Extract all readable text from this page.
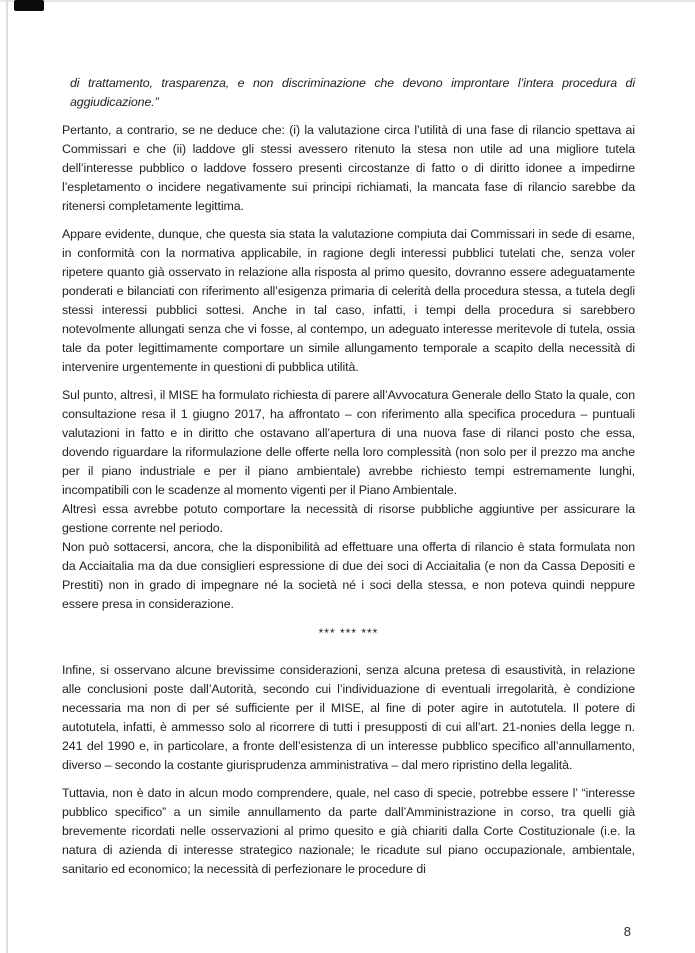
di trattamento, trasparenza, e non discriminazione che devono improntare l’intera procedura di aggiudicazione.”

Pertanto, a contrario, se ne deduce che: (i) la valutazione circa l’utilità di una fase di rilancio spettava ai Commissari e che (ii) laddove gli stessi avessero ritenuto la stesa non utile ad una migliore tutela dell’interesse pubblico o laddove fossero presenti circostanze di fatto o di diritto idonee a impedirne l’espletamento o incidere negativamente sui principi richiamati, la mancata fase di rilancio sarebbe da ritenersi completamente legittima.

Appare evidente, dunque, che questa sia stata la valutazione compiuta dai Commissari in sede di esame, in conformità con la normativa applicabile, in ragione degli interessi pubblici tutelati che, senza voler ripetere quanto già osservato in relazione alla risposta al primo quesito, dovranno essere adeguatamente ponderati e bilanciati con riferimento all’esigenza primaria di celerità della procedura stessa, a tutela degli stessi interessi pubblici sottesi. Anche in tal caso, infatti, i tempi della procedura si sarebbero notevolmente allungati senza che vi fosse, al contempo, un adeguato interesse meritevole di tutela, ossia tale da poter legittimamente comportare un simile allungamento temporale a scapito della necessità di intervenire urgentemente in questioni di pubblica utilità.

Sul punto, altresì, il MISE ha formulato richiesta di parere all’Avvocatura Generale dello Stato la quale, con consultazione resa il 1 giugno 2017, ha affrontato – con riferimento alla specifica procedura – puntuali valutazioni in fatto e in diritto che ostavano all’apertura di una nuova fase di rilanci posto che essa, dovendo riguardare la riformulazione delle offerte nella loro complessità (non solo per il prezzo ma anche per il piano industriale e per il piano ambientale) avrebbe richiesto tempi estremamente lunghi, incompatibili con le scadenze al momento vigenti per il Piano Ambientale.

Altresì essa avrebbe potuto comportare la necessità di risorse pubbliche aggiuntive per assicurare la gestione corrente nel periodo.

Non può sottacersi, ancora, che la disponibilità ad effettuare una offerta di rilancio è stata formulata non da Acciaitalia ma da due consiglieri espressione di due dei soci di Acciaitalia (e non da Cassa Depositi e Prestiti) non in grado di impegnare né la società né i soci della stessa, e non poteva quindi neppure essere presa in considerazione.

*** *** ***

Infine, si osservano alcune brevissime considerazioni, senza alcuna pretesa di esaustività, in relazione alle conclusioni poste dall’Autorità, secondo cui l’individuazione di eventuali irregolarità, è condizione necessaria ma non di per sé sufficiente per il MISE, al fine di poter agire in autotutela. Il potere di autotutela, infatti, è ammesso solo al ricorrere di tutti i presupposti di cui all’art. 21-nonies della legge n. 241 del 1990 e, in particolare, a fronte dell’esistenza di un interesse pubblico specifico all’annullamento, diverso – secondo la costante giurisprudenza amministrativa – dal mero ripristino della legalità.

Tuttavia, non è dato in alcun modo comprendere, quale, nel caso di specie, potrebbe essere l’ “interesse pubblico specifico” a un simile annullamento da parte dall’Amministrazione in corso, tra quelli già brevemente ricordati nelle osservazioni al primo quesito e già chiariti dalla Corte Costituzionale (i.e. la natura di azienda di interesse strategico nazionale; le ricadute sul piano occupazionale, ambientale, sanitario ed economico; la necessità di perfezionare le procedure di

8
